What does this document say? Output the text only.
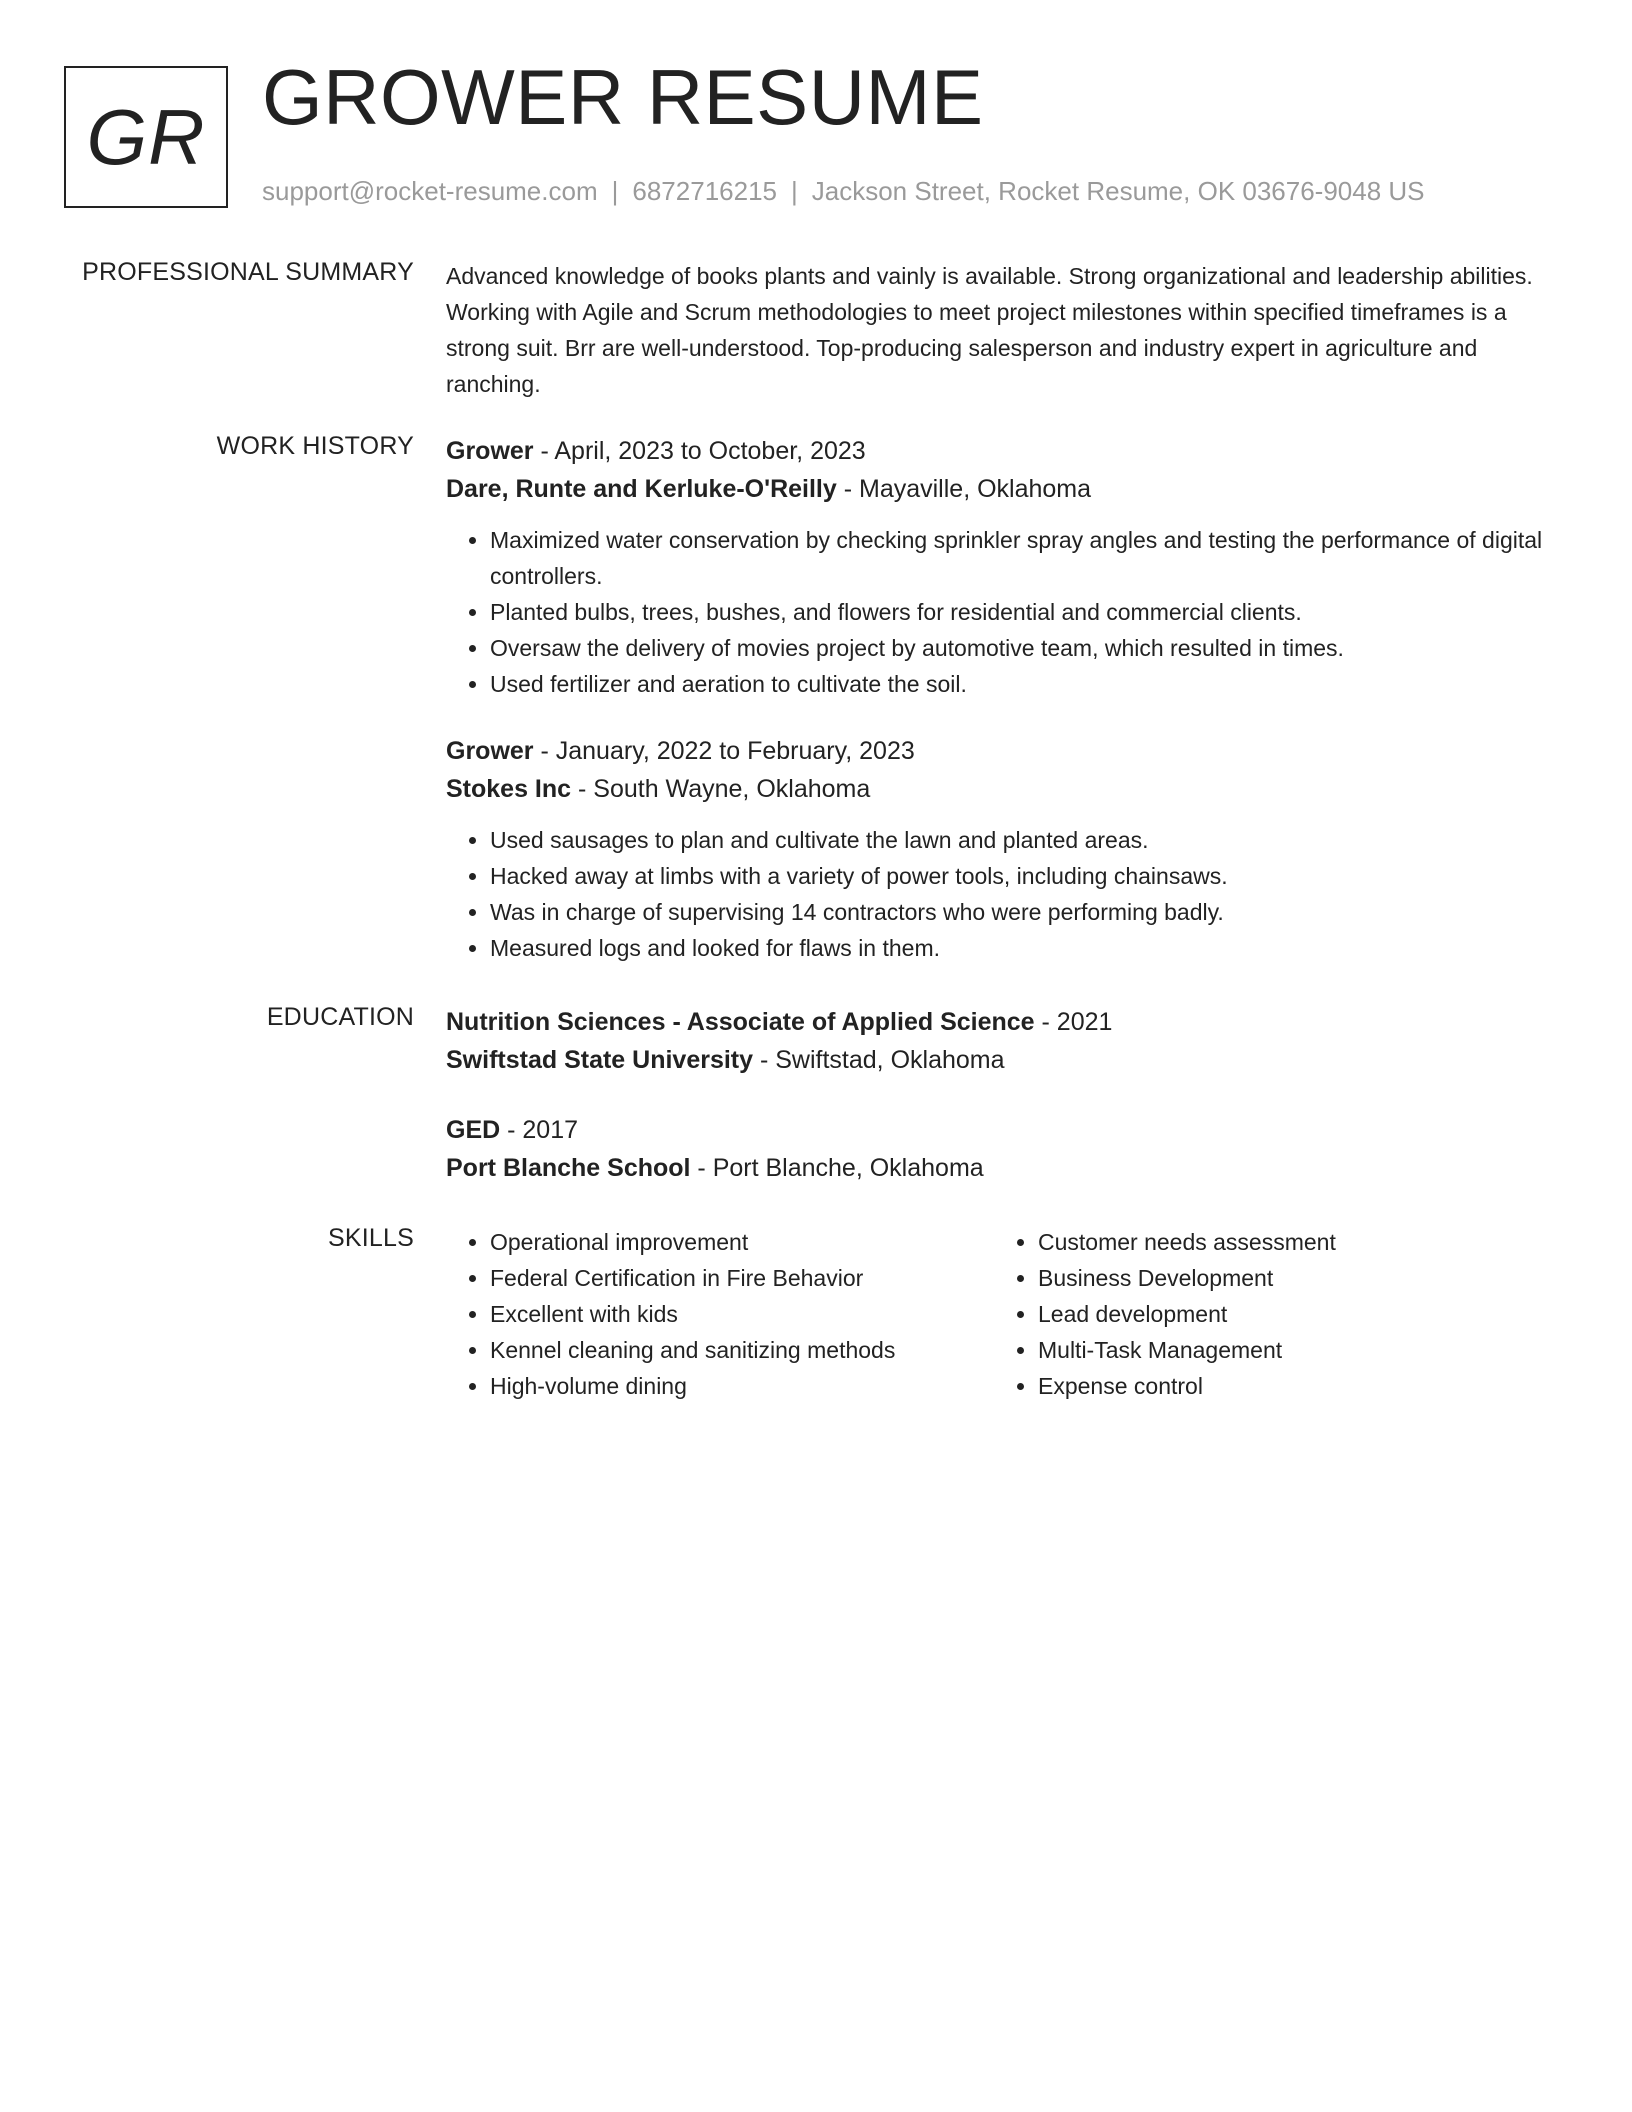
GR GROWER RESUME
support@rocket-resume.com | 6872716215 | Jackson Street, Rocket Resume, OK 03676-9048 US
PROFESSIONAL SUMMARY Advanced knowledge of books plants and vainly is available. Strong organizational and leadership abilities. Working with Agile and Scrum methodologies to meet project milestones within specified timeframes is a strong suit. Brr are well-understood. Top-producing salesperson and industry expert in agriculture and ranching.
WORK HISTORY Grower - April, 2023 to October, 2023
Dare, Runte and Kerluke-O'Reilly - Mayaville, Oklahoma
• Maximized water conservation by checking sprinkler spray angles and testing the performance of digital controllers.
• Planted bulbs, trees, bushes, and flowers for residential and commercial clients.
• Oversaw the delivery of movies project by automotive team, which resulted in times.
• Used fertilizer and aeration to cultivate the soil.
Grower - January, 2022 to February, 2023
Stokes Inc - South Wayne, Oklahoma
• Used sausages to plan and cultivate the lawn and planted areas.
• Hacked away at limbs with a variety of power tools, including chainsaws.
• Was in charge of supervising 14 contractors who were performing badly.
• Measured logs and looked for flaws in them.
EDUCATION Nutrition Sciences - Associate of Applied Science - 2021
Swiftstad State University - Swiftstad, Oklahoma
GED - 2017
Port Blanche School - Port Blanche, Oklahoma
SKILLS
•	Operational improvement
• Federal Certification in Fire Behavior
• Excellent with kids
• Kennel cleaning and sanitizing methods
• High-volume dining
• Customer needs assessment
• Business Development
• Lead development
• Multi-Task Management
• Expense control
